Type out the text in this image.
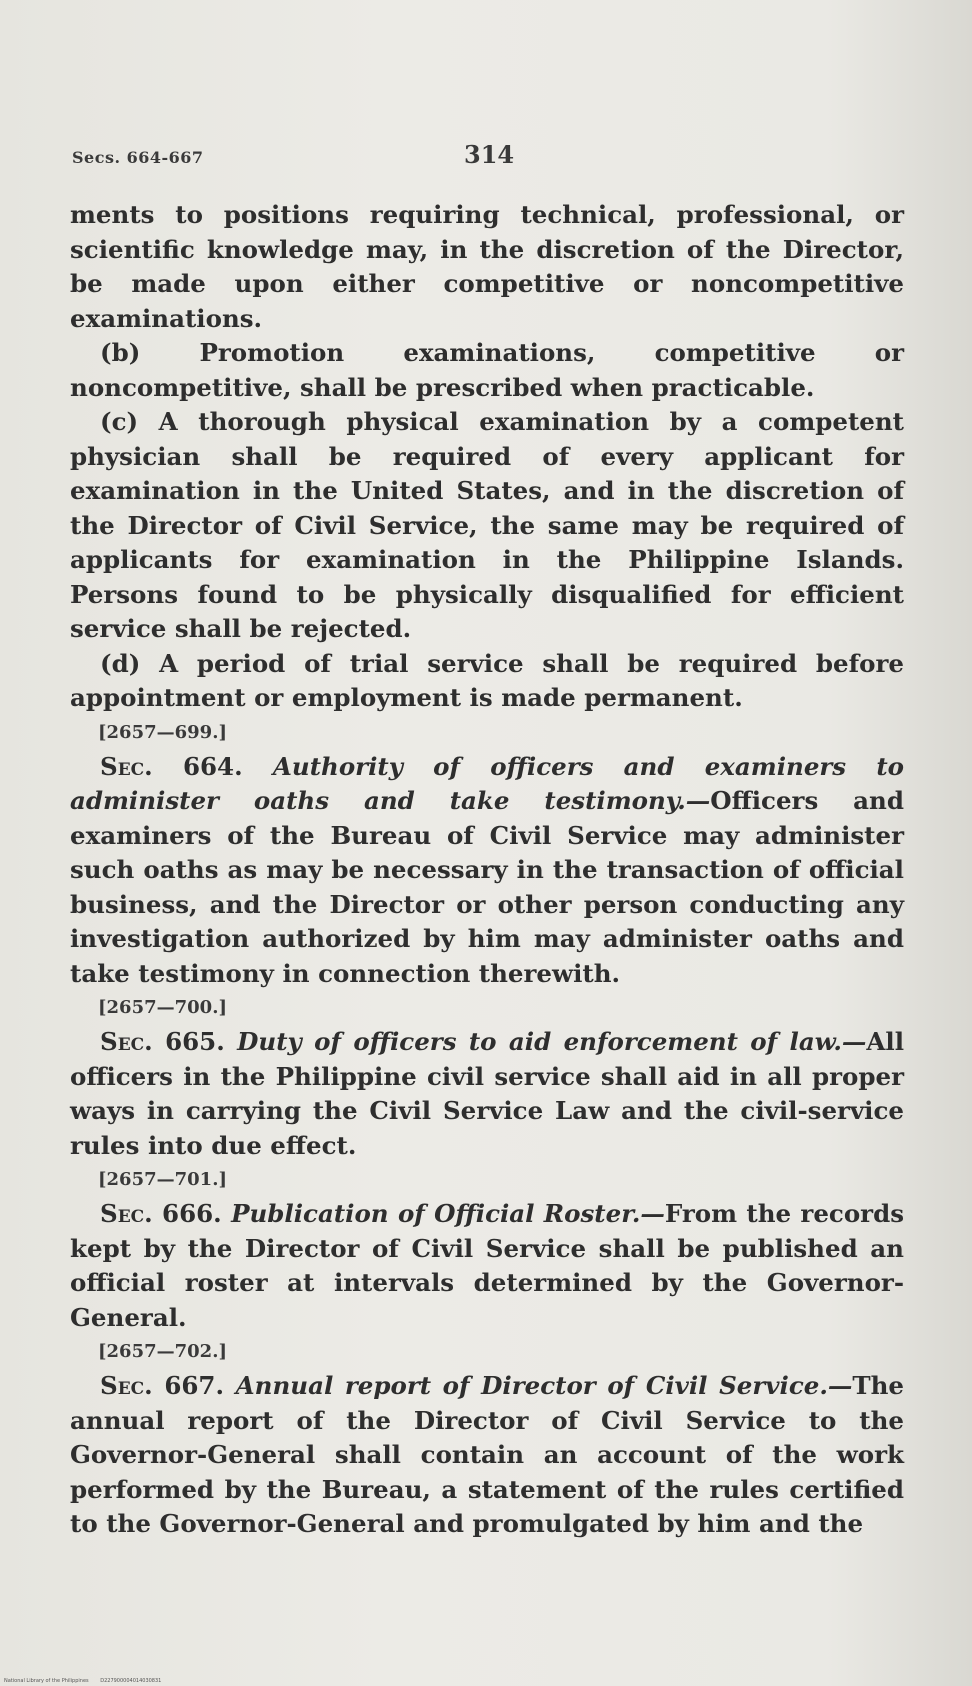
Secs. 664-667	314

ments to positions requiring technical, professional, or scientific knowledge may, in the discretion of the Director, be made upon either competitive or noncompetitive examinations.

(b) Promotion examinations, competitive or noncompetitive, shall be prescribed when practicable.

(c) A thorough physical examination by a competent physician shall be required of every applicant for examination in the United States, and in the discretion of the Director of Civil Service, the same may be required of applicants for examination in the Philippine Islands. Persons found to be physically disqualified for efficient service shall be rejected.

(d) A period of trial service shall be required before appointment or employment is made permanent.

[2657—699.]

Sec. 664. Authority of officers and examiners to administer oaths and take testimony.—Officers and examiners of the Bureau of Civil Service may administer such oaths as may be necessary in the transaction of official business, and the Director or other person conducting any investigation authorized by him may administer oaths and take testimony in connection therewith.

[2657—700.]

Sec. 665. Duty of officers to aid enforcement of law.—All officers in the Philippine civil service shall aid in all proper ways in carrying the Civil Service Law and the civil-service rules into due effect.

[2657—701.]

Sec. 666. Publication of Official Roster.—From the records kept by the Director of Civil Service shall be published an official roster at intervals determined by the Governor-General.

[2657—702.]

Sec. 667. Annual report of Director of Civil Service.—The annual report of the Director of Civil Service to the Governor-General shall contain an account of the work performed by the Bureau, a statement of the rules certified to the Governor-General and promulgated by him and the

National Library of the Philippines D227900004014030831
